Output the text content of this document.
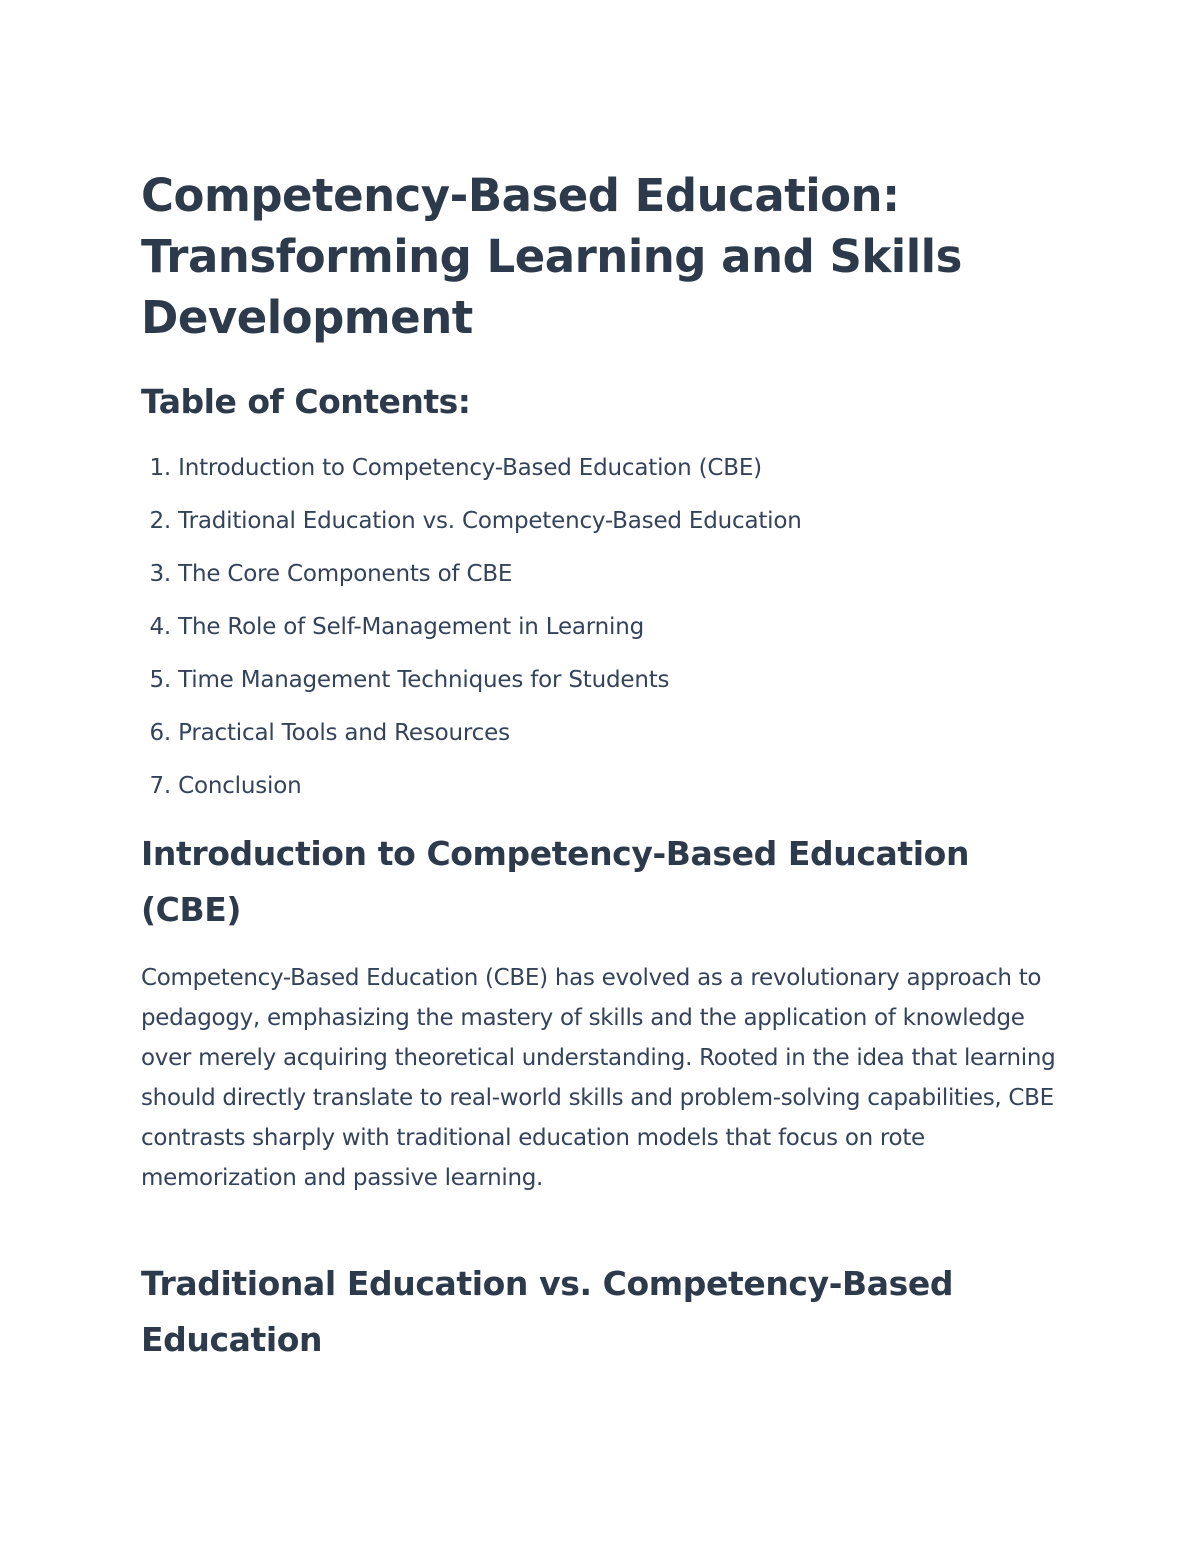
Competency-Based Education: Transforming Learning and Skills Development
Table of Contents:
1. Introduction to Competency-Based Education (CBE)
2. Traditional Education vs. Competency-Based Education
3. The Core Components of CBE
4. The Role of Self-Management in Learning
5. Time Management Techniques for Students
6. Practical Tools and Resources
7. Conclusion
Introduction to Competency-Based Education (CBE)

Competency-Based Education (CBE) has evolved as a revolutionary approach to pedagogy, emphasizing the mastery of skills and the application of knowledge over merely acquiring theoretical understanding. Rooted in the idea that learning should directly translate to real-world skills and problem-solving capabilities, CBE contrasts sharply with traditional education models that focus on rote memorization and passive learning.

Traditional Education vs. Competency-Based Education
